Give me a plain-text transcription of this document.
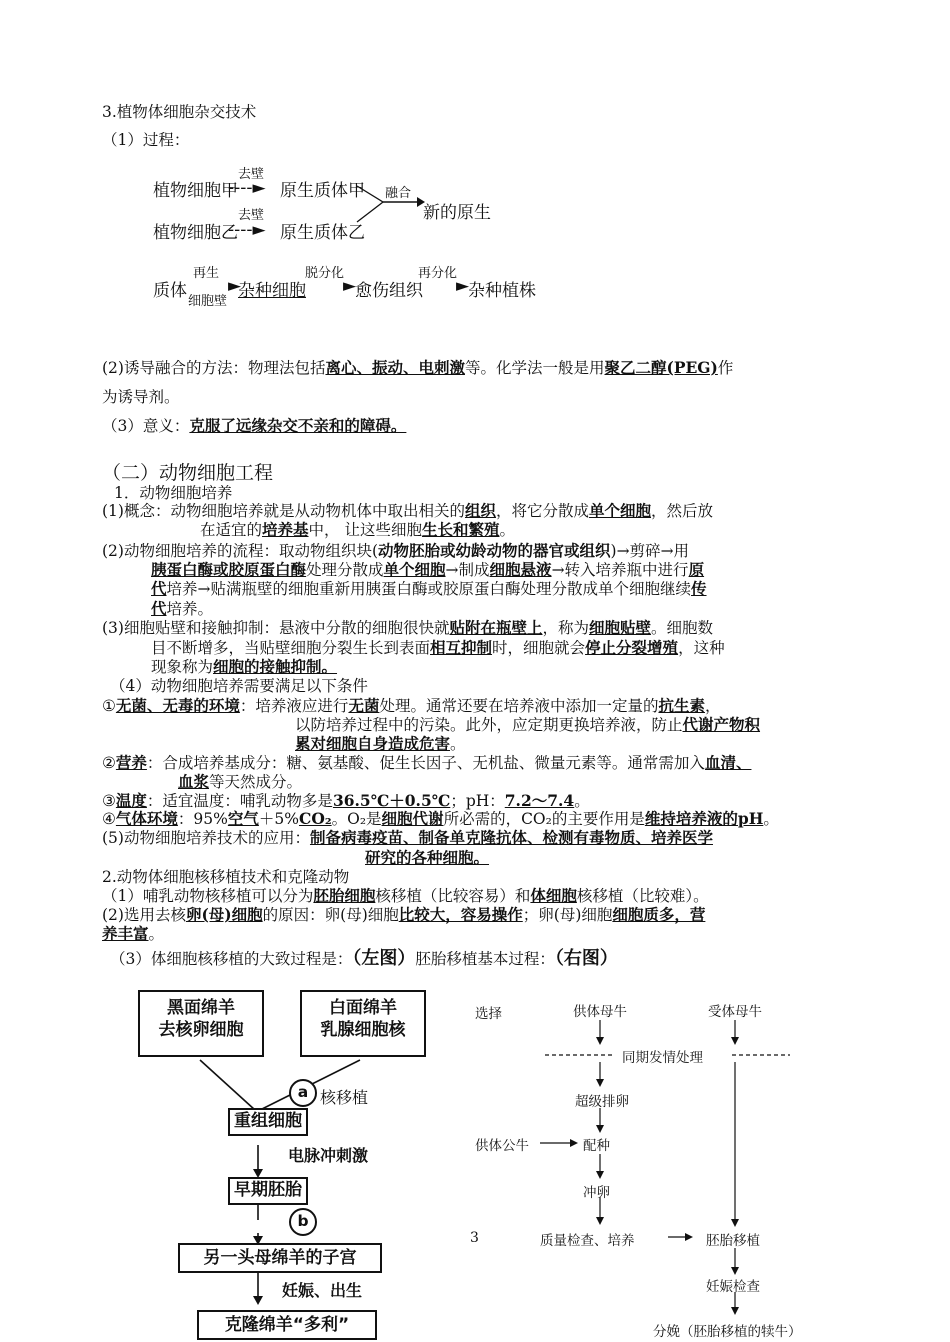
3.植物体细胞杂交技术
（1）过程：
植物细胞甲
去壁
----► 原生质体甲
植物细胞乙
去壁
----► 原生质体乙
融合
新的原生
质体
再生
细胞壁
►
杂种细胞
脱分化
►
愈伤组织
再分化
►
杂种植株
(2)诱导融合的方法：物理法包括离心、振动、电刺激等。化学法一般是用聚乙二醇(PEG)作
为诱导剂。
（3）意义：克服了远缘杂交不亲和的障碍。
（二）动物细胞工程
1．动物细胞培养
(1)概念：动物细胞培养就是从动物机体中取出相关的组织，将它分散成单个细胞，然后放
在适宜的培养基中， 让这些细胞生长和繁殖。
(2)动物细胞培养的流程：取动物组织块(动物胚胎或幼龄动物的器官或组织)→剪碎→用
胰蛋白酶或胶原蛋白酶处理分散成单个细胞→制成细胞悬液→转入培养瓶中进行原
代培养→贴满瓶壁的细胞重新用胰蛋白酶或胶原蛋白酶处理分散成单个细胞继续传
代培养。
(3)细胞贴壁和接触抑制：悬液中分散的细胞很快就贴附在瓶壁上，称为细胞贴壁。细胞数
目不断增多，当贴壁细胞分裂生长到表面相互抑制时，细胞就会停止分裂增殖，这种
现象称为细胞的接触抑制。
（4）动物细胞培养需要满足以下条件
①无菌、无毒的环境：培养液应进行无菌处理。通常还要在培养液中添加一定量的抗生素，
以防培养过程中的污染。此外，应定期更换培养液，防止代谢产物积
累对细胞自身造成危害。
②营养：合成培养基成分：糖、氨基酸、促生长因子、无机盐、微量元素等。通常需加入血清、
血浆等天然成分。
③温度：适宜温度：哺乳动物多是36.5℃＋0.5℃；pH：7.2～7.4。
④气体环境：95%空气＋5%CO₂。O₂是细胞代谢所必需的，CO₂的主要作用是维持培养液的pH。
(5)动物细胞培养技术的应用：制备病毒疫苗、制备单克隆抗体、检测有毒物质、培养医学
研究的各种细胞。
2.动物体细胞核移植技术和克隆动物
（1）哺乳动物核移植可以分为胚胎细胞核移植（比较容易）和体细胞核移植（比较难）。
(2)选用去核卵(母)细胞的原因：卵(母)细胞比较大，容易操作；卵(母)细胞细胞质多，营
养丰富。
（3）体细胞核移植的大致过程是：（左图）胚胎移植基本过程：（右图）
黑面绵羊
去核卵细胞
白面绵羊
乳腺细胞核
a 核移植
重组细胞
电脉冲刺激
早期胚胎
b
另一头母绵羊的子宫
妊娠、出生
克隆绵羊“多利”
选择	供体母牛	受体母牛
同期发情处理
超级排卵
供体公牛	配种
冲卵
质量检查、培养	胚胎移植
妊娠检查
分娩（胚胎移植的犊牛）
3
